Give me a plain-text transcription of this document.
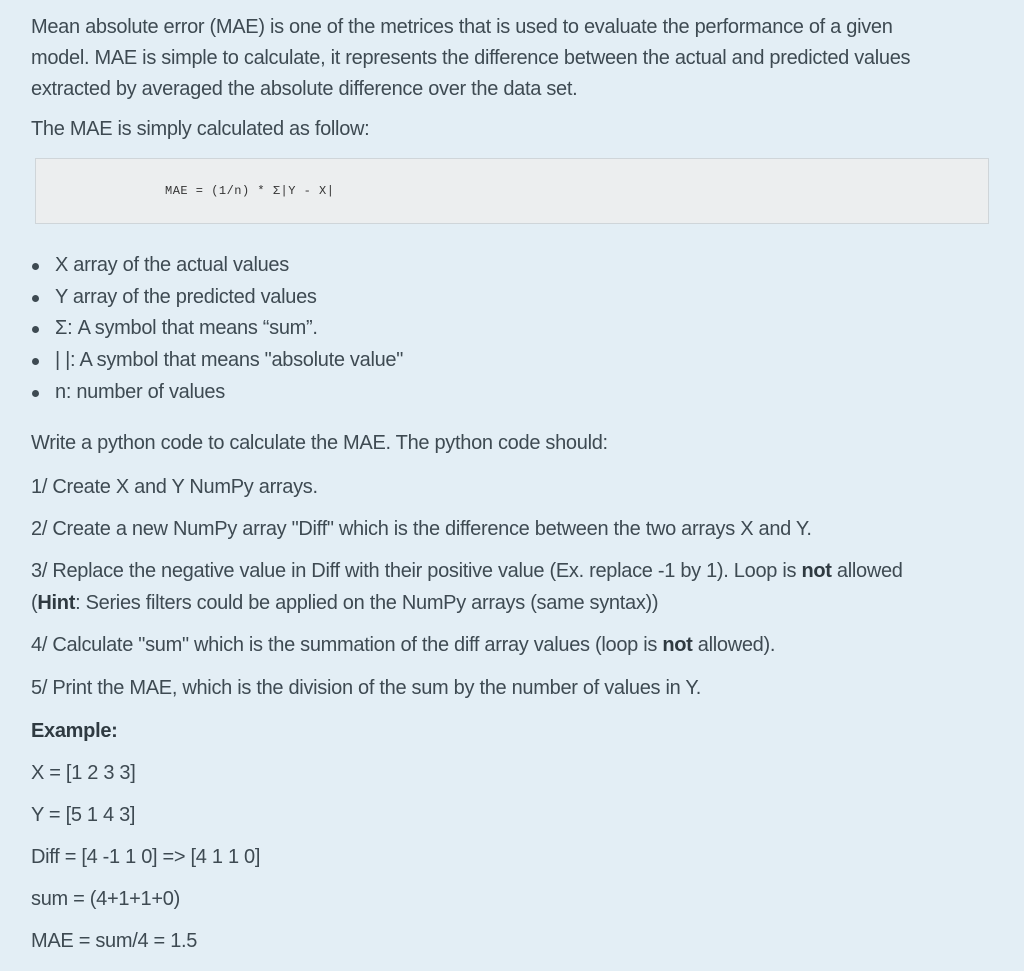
Mean absolute error (MAE) is one of the metrices that is used to evaluate the performance of a given
model. MAE is simple to calculate, it represents the difference between the actual and predicted values
extracted by averaged the absolute difference over the data set.

The MAE is simply calculated as follow:

MAE = (1/n) * Σ|Y - X|
X array of the actual values
Y array of the predicted values
Σ: A symbol that means “sum”.
| |: A symbol that means "absolute value"
n: number of values

Write a python code to calculate the MAE. The python code should:

1/ Create X and Y NumPy arrays.

2/ Create a new NumPy array "Diff" which is the difference between the two arrays X and Y.

3/ Replace the negative value in Diff with their positive value (Ex. replace -1 by 1). Loop is not allowed

(Hint: Series filters could be applied on the NumPy arrays (same syntax))

4/ Calculate "sum" which is the summation of the diff array values (loop is not allowed).

5/ Print the MAE, which is the division of the sum by the number of values in Y.

Example:

X = [1 2 3 3]

Y = [5 1 4 3]

Diff = [4 -1 1 0] => [4 1 1 0]

sum = (4+1+1+0)

MAE = sum/4 = 1.5
